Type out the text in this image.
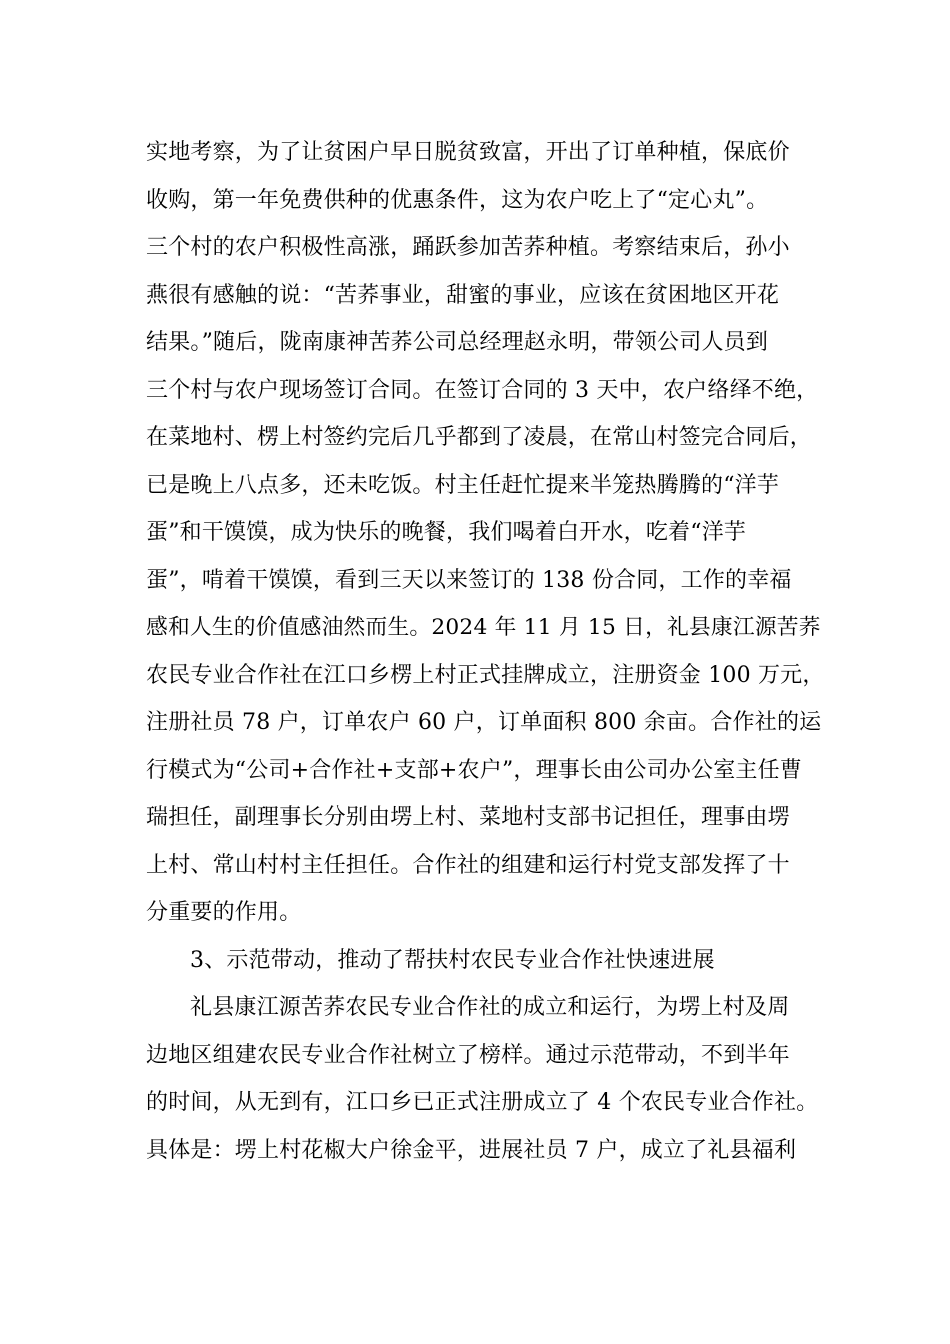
实地考察，为了让贫困户早日脱贫致富，开出了订单种植，保底价
收购，第一年免费供种的优惠条件，这为农户吃上了“定心丸”。
三个村的农户积极性高涨，踊跃参加苦荞种植。考察结束后，孙小
燕很有感触的说：“苦荞事业，甜蜜的事业，应该在贫困地区开花
结果。”随后，陇南康神苦荞公司总经理赵永明，带领公司人员到
三个村与农户现场签订合同。在签订合同的 3 天中，农户络绎不绝，
在菜地村、楞上村签约完后几乎都到了凌晨，在常山村签完合同后，
已是晚上八点多，还未吃饭。村主任赶忙提来半笼热腾腾的“洋芋
蛋”和干馍馍，成为快乐的晚餐，我们喝着白开水，吃着“洋芋
蛋”，啃着干馍馍，看到三天以来签订的 138 份合同，工作的幸福
感和人生的价值感油然而生。2024 年 11 月 15 日，礼县康江源苦荞
农民专业合作社在江口乡楞上村正式挂牌成立，注册资金 100 万元，
注册社员 78 户，订单农户 60 户，订单面积 800 余亩。合作社的运
行模式为“公司+合作社+支部+农户”，理事长由公司办公室主任曹
瑞担任，副理事长分别由塄上村、菜地村支部书记担任，理事由塄
上村、常山村村主任担任。合作社的组建和运行村党支部发挥了十
分重要的作用。
3、示范带动，推动了帮扶村农民专业合作社快速进展
礼县康江源苦荞农民专业合作社的成立和运行，为塄上村及周
边地区组建农民专业合作社树立了榜样。通过示范带动，不到半年
的时间，从无到有，江口乡已正式注册成立了 4 个农民专业合作社。
具体是：塄上村花椒大户徐金平，进展社员 7 户，成立了礼县福利
